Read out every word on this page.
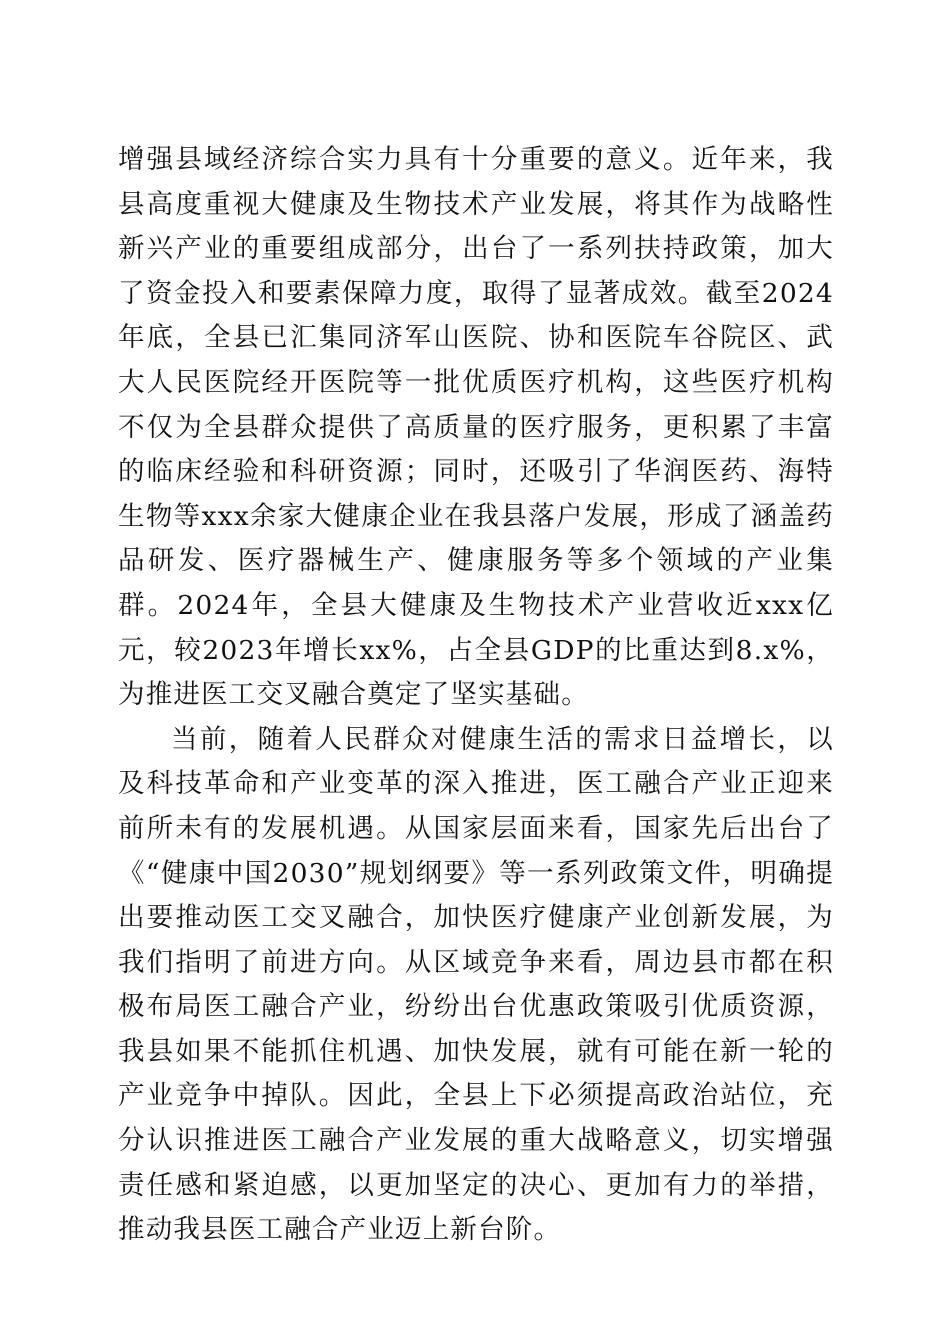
增强县域经济综合实力具有十分重要的意义。近年来，我县高度重视大健康及生物技术产业发展，将其作为战略性新兴产业的重要组成部分，出台了一系列扶持政策，加大了资金投入和要素保障力度，取得了显著成效。截至2024年底，全县已汇集同济军山医院、协和医院车谷院区、武大人民医院经开医院等一批优质医疗机构，这些医疗机构不仅为全县群众提供了高质量的医疗服务，更积累了丰富的临床经验和科研资源；同时，还吸引了华润医药、海特生物等xxx余家大健康企业在我县落户发展，形成了涵盖药品研发、医疗器械生产、健康服务等多个领域的产业集群。2024年，全县大健康及生物技术产业营收近xxx亿元，较2023年增长xx%，占全县GDP的比重达到8.x%，为推进医工交叉融合奠定了坚实基础。

当前，随着人民群众对健康生活的需求日益增长，以及科技革命和产业变革的深入推进，医工融合产业正迎来前所未有的发展机遇。从国家层面来看，国家先后出台了《“健康中国2030”规划纲要》等一系列政策文件，明确提出要推动医工交叉融合，加快医疗健康产业创新发展，为我们指明了前进方向。从区域竞争来看，周边县市都在积极布局医工融合产业，纷纷出台优惠政策吸引优质资源，我县如果不能抓住机遇、加快发展，就有可能在新一轮的产业竞争中掉队。因此，全县上下必须提高政治站位，充分认识推进医工融合产业发展的重大战略意义，切实增强责任感和紧迫感，以更加坚定的决心、更加有力的举措，推动我县医工融合产业迈上新台阶。
